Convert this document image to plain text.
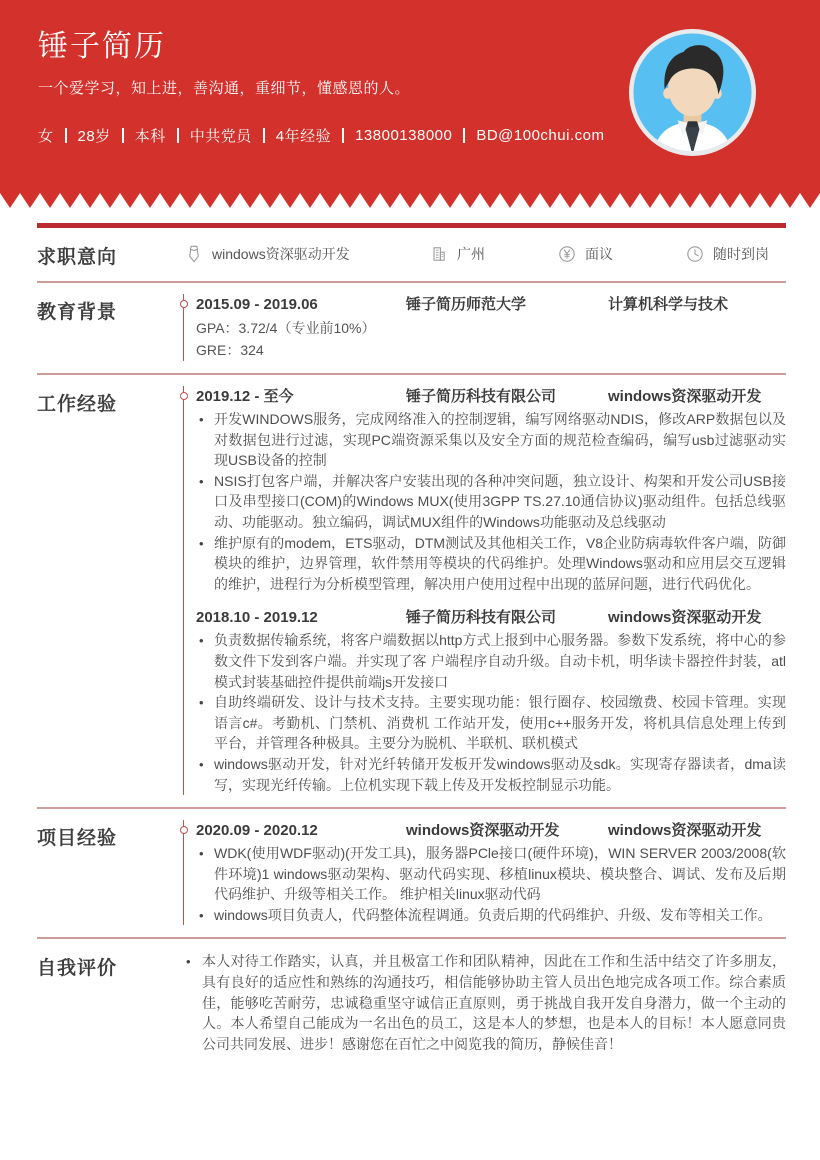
锤子简历

一个爱学习，知上进，善沟通，重细节，懂感恩的人。

女 28岁 本科 中共党员 4年经验 13800138000 BD@100chui.com
求职意向	windows资深驱动开发	广州	面议	随时到岗
教育背景	2015.09 - 2019.06	锤子简历师范大学	计算机科学与技术

GPA：3.72/4（专业前10%）

GRE：324

工作经验	2019.12 - 至今	锤子简历科技有限公司	windows资深驱动开发
• 开发WINDOWS服务，完成网络准入的控制逻辑，编写网络驱动NDIS，修改ARP数据包以及对数据包进行过滤，实现PC端资源采集以及安全方面的规范检查编码，编写usb过滤驱动实现USB设备的控制
• NSIS打包客户端，并解决客户安装出现的各种冲突问题，独立设计、构架和开发公司USB接口及串型接口(COM)的Windows MUX(使用3GPP TS.27.10通信协议)驱动组件。包括总线驱动、功能驱动。独立编码，调试MUX组件的Windows功能驱动及总线驱动
• 维护原有的modem，ETS驱动，DTM测试及其他相关工作，V8企业防病毒软件客户端，防御模块的维护，边界管理，软件禁用等模块的代码维护。处理Windows驱动和应用层交互逻辑的维护，进程行为分析模型管理，解决用户使用过程中出现的蓝屏问题，进行代码优化。
2018.10 - 2019.12	锤子简历科技有限公司	windows资深驱动开发
• 负责数据传输系统，将客户端数据以http方式上报到中心服务器。参数下发系统，将中心的参数文件下发到客户端。并实现了客 户端程序自动升级。自动卡机，明华读卡器控件封装，atl模式封装基础控件提供前端js开发接口
• 自助终端研发、设计与技术支持。主要实现功能：银行圈存、校园缴费、校园卡管理。实现语言c#。考勤机、门禁机、消费机 工作站开发，使用c++服务开发，将机具信息处理上传到平台，并管理各种极具。主要分为脱机、半联机、联机模式
• windows驱动开发，针对光纤转储开发板开发windows驱动及sdk。实现寄存器读者，dma读写，实现光纤传输。上位机实现下载上传及开发板控制显示功能。
项目经验	2020.09 - 2020.12	windows资深驱动开发	windows资深驱动开发
• WDK(使用WDF驱动)(开发工具)，服务器PCle接口(硬件环境)，WIN SERVER 2003/2008(软件环境)1 windows驱动架构、驱动代码实现、移植linux模块、模块整合、调试、发布及后期代码维护、升级等相关工作。 维护相关linux驱动代码
• windows项目负责人，代码整体流程调通。负责后期的代码维护、升级、发布等相关工作。
自我评价	• 本人对待工作踏实，认真，并且极富工作和团队精神，因此在工作和生活中结交了许多朋友，具有良好的适应性和熟练的沟通技巧，相信能够协助主管人员出色地完成各项工作。综合素质佳，能够吃苦耐劳，忠诚稳重坚守诚信正直原则，勇于挑战自我开发自身潜力，做一个主动的人。本人希望自己能成为一名出色的员工，这是本人的梦想，也是本人的目标！本人愿意同贵公司共同发展、进步！感谢您在百忙之中阅览我的简历，静候佳音！
